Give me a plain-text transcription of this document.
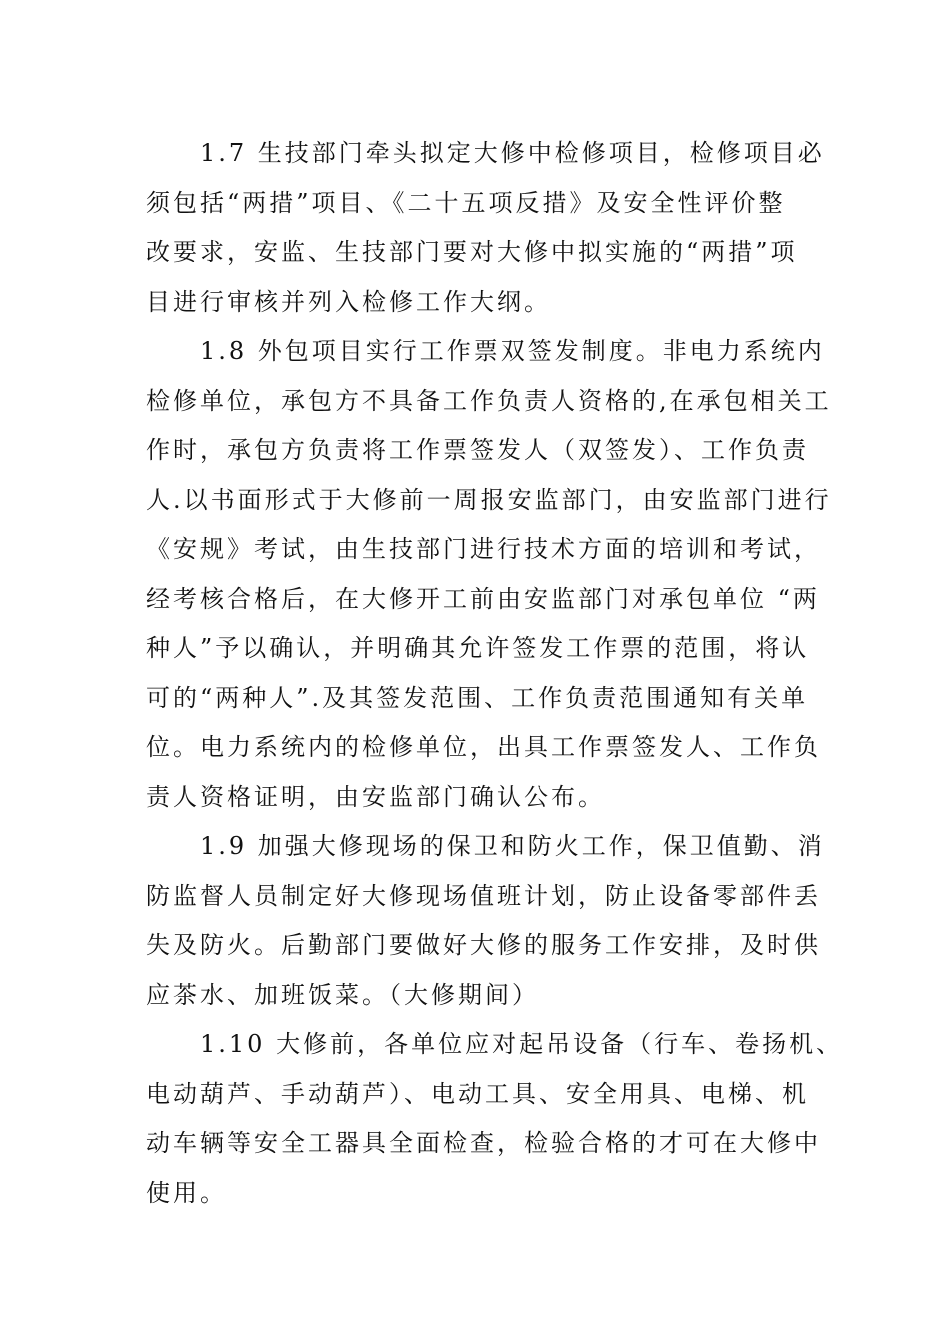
　　1.7 生技部门牵头拟定大修中检修项目，检修项目必
须包括“两措”项目、《二十五项反措》及安全性评价整
改要求，安监、生技部门要对大修中拟实施的“两措”项
目进行审核并列入检修工作大纲。

　　1.8 外包项目实行工作票双签发制度。非电力系统内
检修单位，承包方不具备工作负责人资格的,在承包相关工
作时，承包方负责将工作票签发人（双签发）、工作负责
人.以书面形式于大修前一周报安监部门，由安监部门进行
《安规》考试，由生技部门进行技术方面的培训和考试，
经考核合格后，在大修开工前由安监部门对承包单位 “两
种人”予以确认，并明确其允许签发工作票的范围，将认
可的“两种人”.及其签发范围、工作负责范围通知有关单
位。电力系统内的检修单位，出具工作票签发人、工作负
责人资格证明，由安监部门确认公布。

　　1.9 加强大修现场的保卫和防火工作，保卫值勤、消
防监督人员制定好大修现场值班计划，防止设备零部件丢
失及防火。后勤部门要做好大修的服务工作安排，及时供
应茶水、加班饭菜。（大修期间）

　　1.10 大修前，各单位应对起吊设备（行车、卷扬机、
电动葫芦、手动葫芦）、电动工具、安全用具、电梯、机
动车辆等安全工器具全面检查，检验合格的才可在大修中
使用。
